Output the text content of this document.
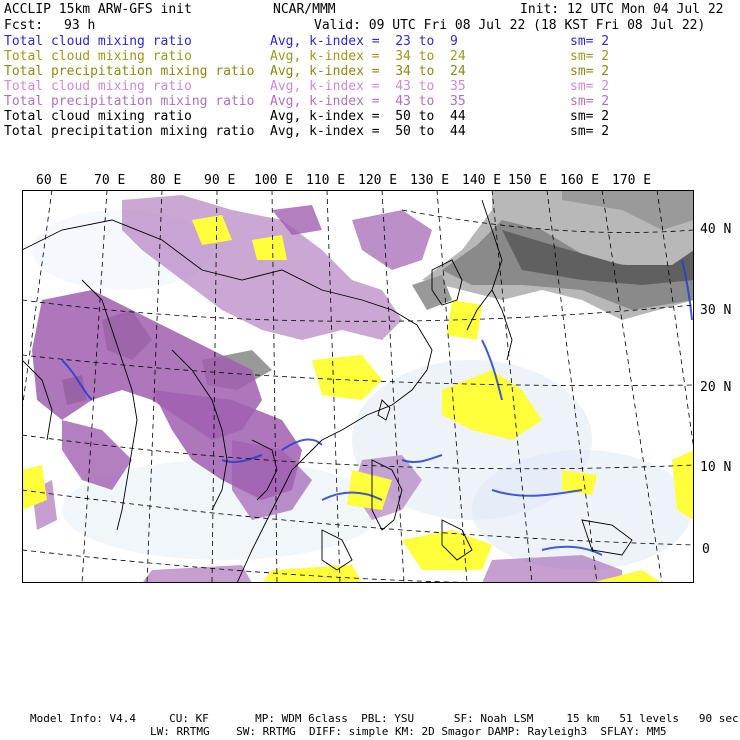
ACCLIP 15km ARW-GFS init	NCAR/MMM	Init: 12 UTC Mon 04 Jul 22
Fcst: 93 h	Valid: 09 UTC Fri 08 Jul 22 (18 KST Fri 08 Jul 22)
Total cloud mixing ratio	Avg, k-index =  23 to  9	sm= 2
Total cloud mixing ratio	Avg, k-index =  34 to  24	sm= 2
Total precipitation mixing ratio Avg, k-index =  34 to  24	sm= 2
Total cloud mixing ratio	Avg, k-index =  43 to  35	sm= 2
Total precipitation mixing ratio Avg, k-index =  43 to  35	sm= 2
Total cloud mixing ratio	Avg, k-index =  50 to  44	sm= 2
Total precipitation mixing ratio Avg, k-index =  50 to  44	sm= 2
60 E 70 E 80 E 90 E 100 E 110 E 120 E 130 E 140 E 150 E 160 E 170 E
40 N
30 N
20 N
10 N
0
Model Info: V4.4     CU: KF       MP: WDM 6class  PBL: YSU      SF: Noah LSM     15 km   51 levels   90 sec
LW: RRTMG    SW: RRTMG  DIFF: simple KM: 2D Smagor DAMP: Rayleigh3  SFLAY: MM5
